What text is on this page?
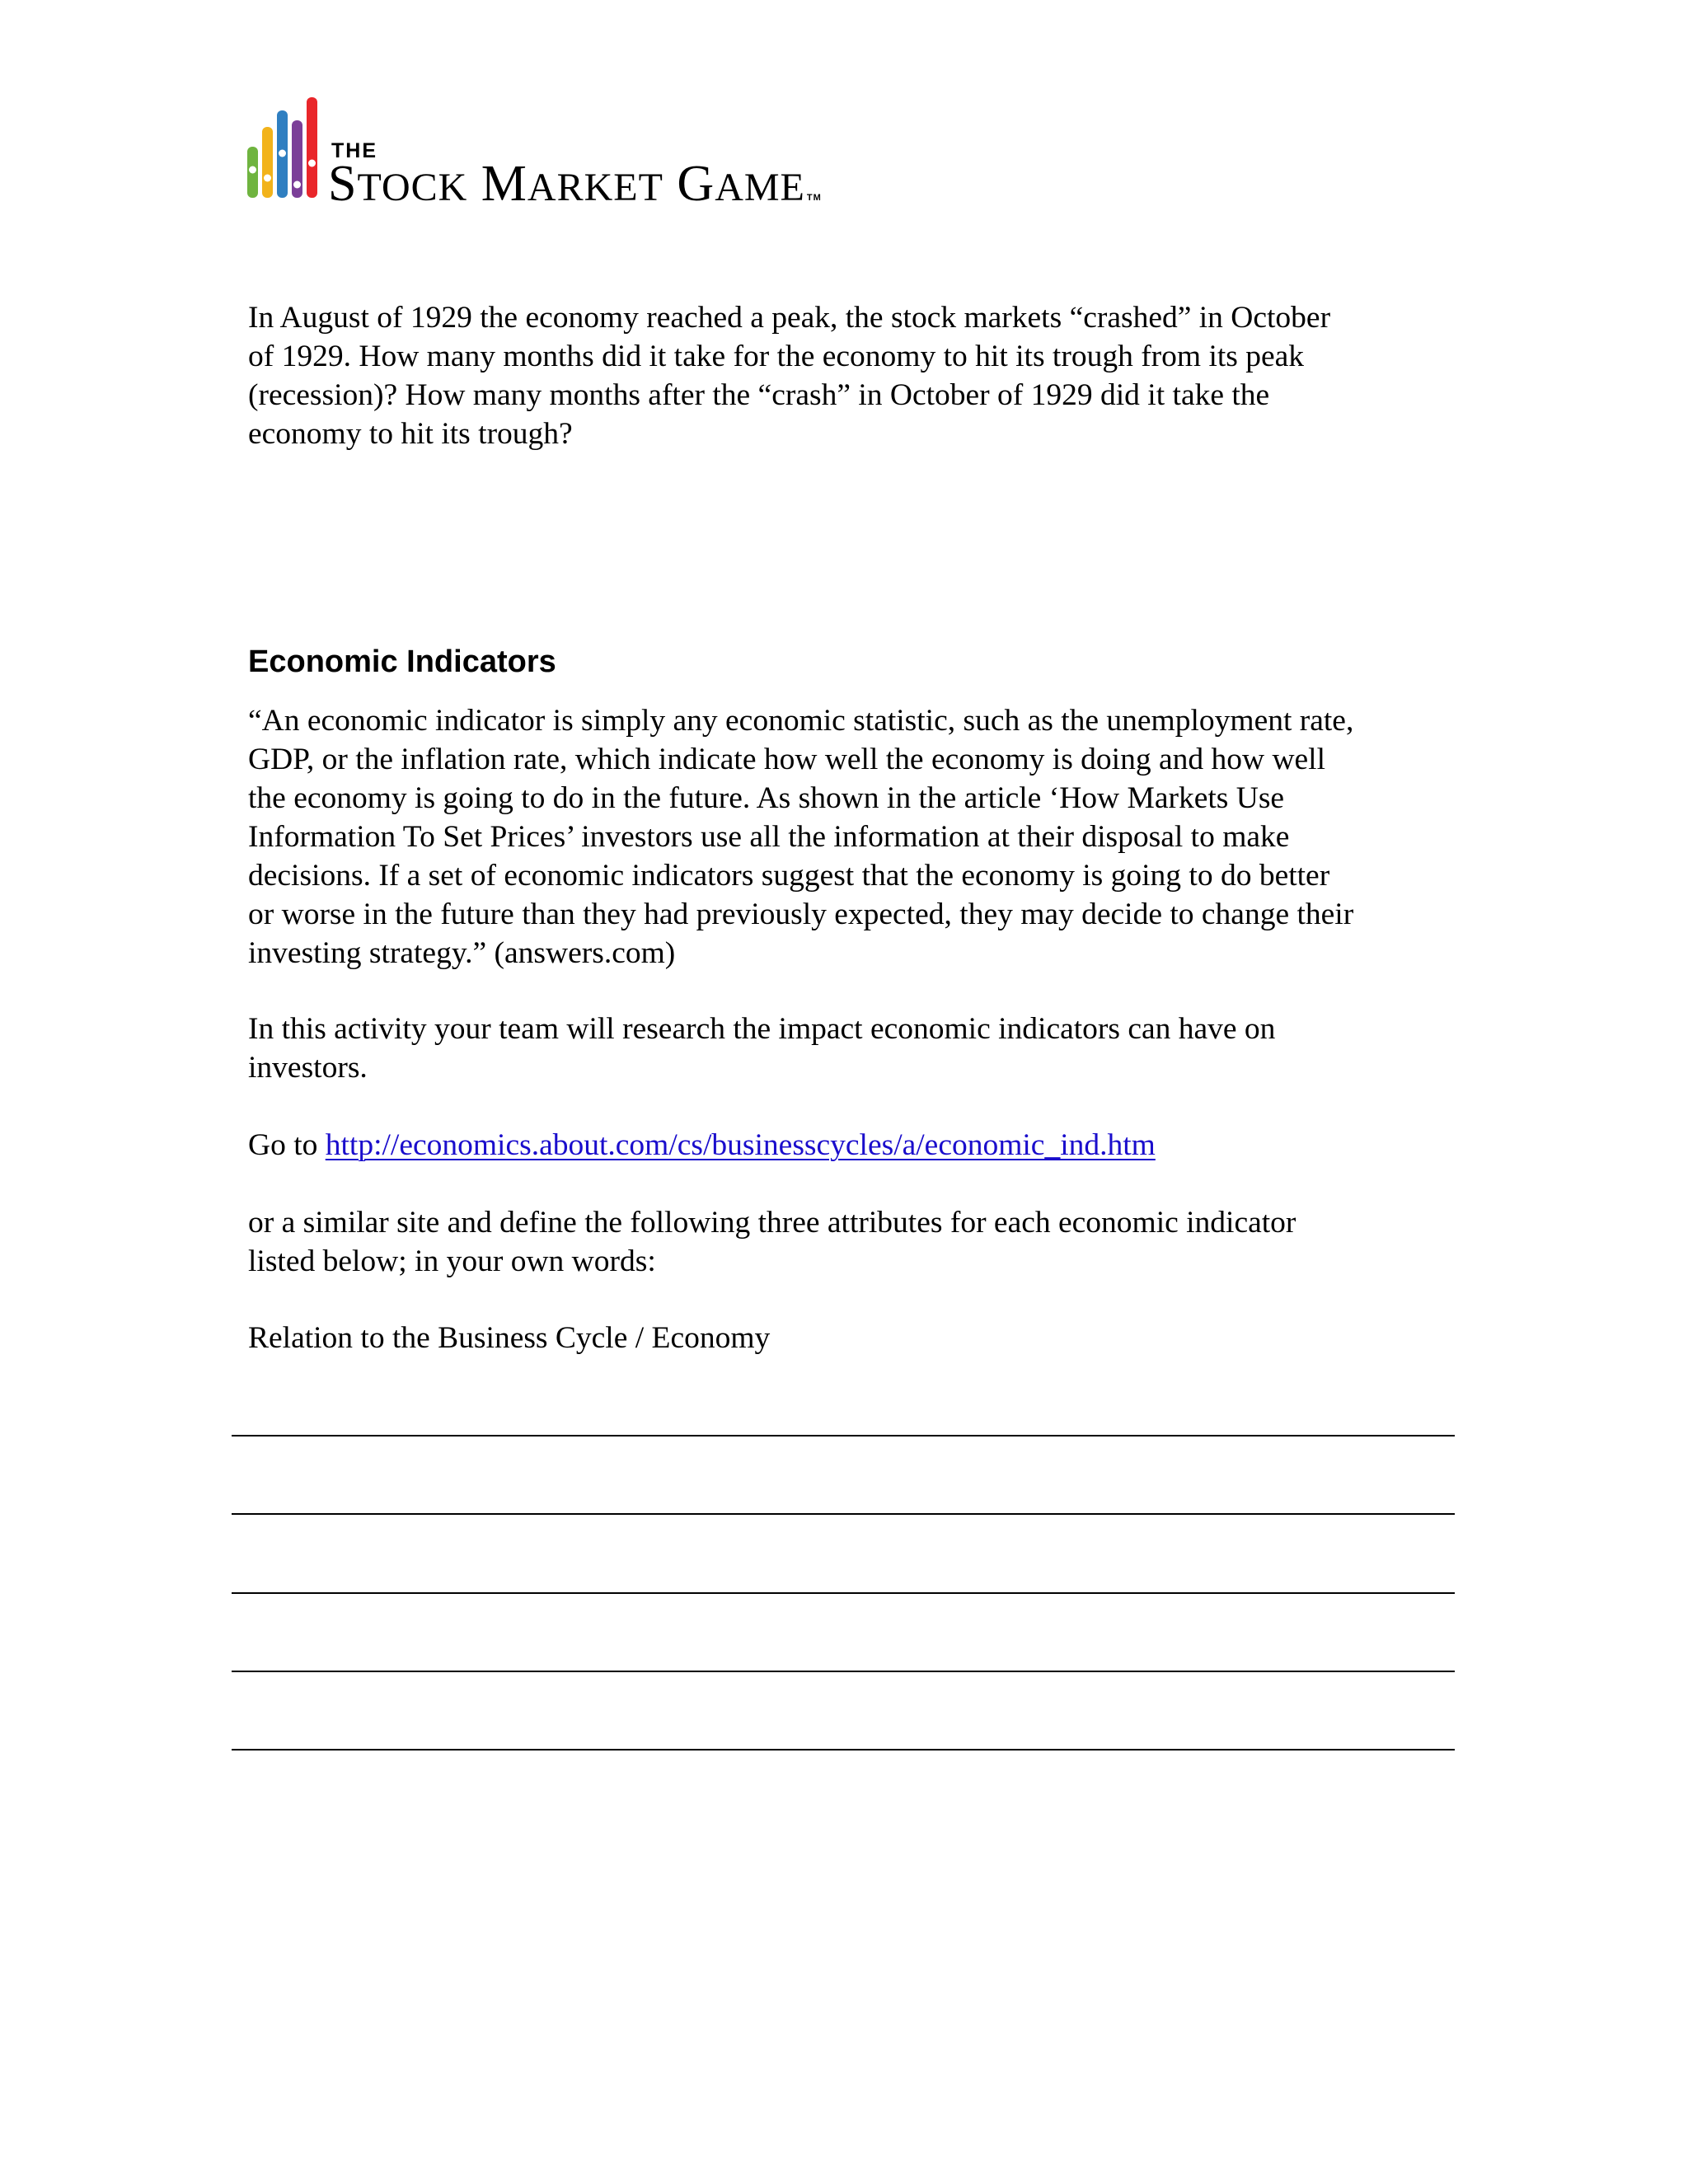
THE
STOCK MARKET GAME TM

In August of 1929 the economy reached a peak, the stock markets “crashed” in October
of 1929. How many months did it take for the economy to hit its trough from its peak
(recession)? How many months after the “crash” in October of 1929 did it take the
economy to hit its trough?

Economic Indicators

“An economic indicator is simply any economic statistic, such as the unemployment rate,
GDP, or the inflation rate, which indicate how well the economy is doing and how well
the economy is going to do in the future. As shown in the article ‘How Markets Use
Information To Set Prices’ investors use all the information at their disposal to make
decisions. If a set of economic indicators suggest that the economy is going to do better
or worse in the future than they had previously expected, they may decide to change their
investing strategy.” (answers.com)

In this activity your team will research the impact economic indicators can have on
investors.

Go to http://economics.about.com/cs/businesscycles/a/economic_ind.htm

or a similar site and define the following three attributes for each economic indicator
listed below; in your own words:

Relation to the Business Cycle / Economy
